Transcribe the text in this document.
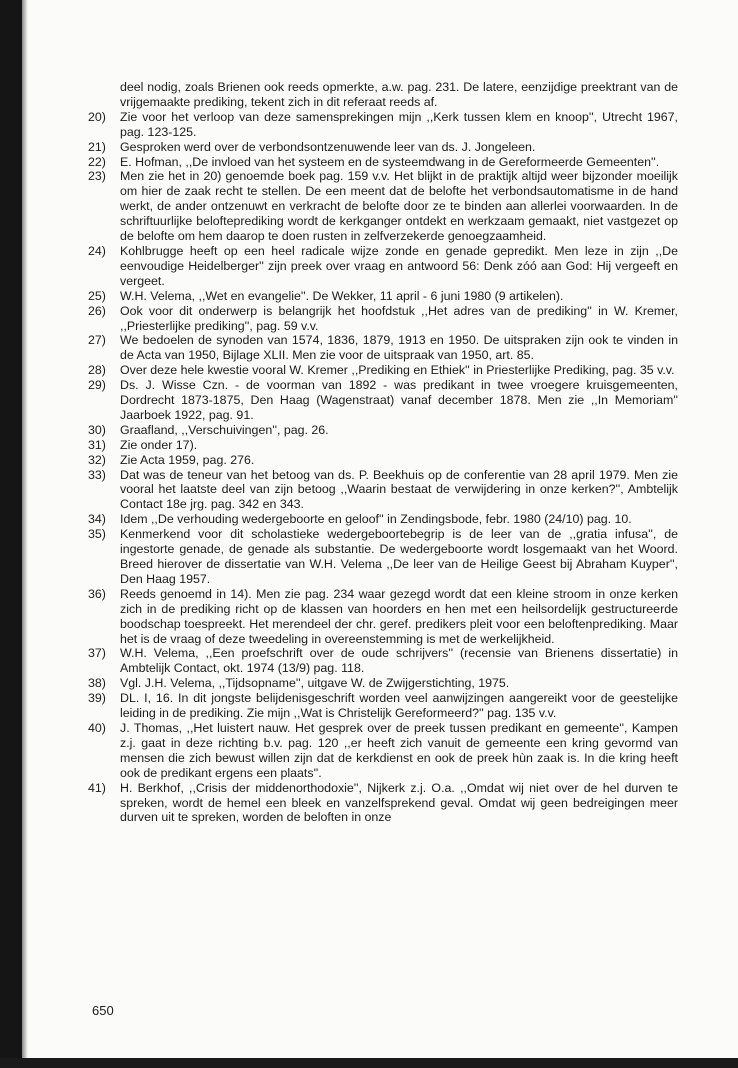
deel nodig, zoals Brienen ook reeds opmerkte, a.w. pag. 231. De latere, eenzijdige preektrant van de vrijgemaakte prediking, tekent zich in dit referaat reeds af.
20) Zie voor het verloop van deze samensprekingen mijn ,,Kerk tussen klem en knoop'', Utrecht 1967, pag. 123-125.
21) Gesproken werd over de verbondsontzenuwende leer van ds. J. Jongeleen.
22) E. Hofman, ,,De invloed van het systeem en de systeemdwang in de Gereformeerde Gemeenten''.
23) Men zie het in 20) genoemde boek pag. 159 v.v. Het blijkt in de praktijk altijd weer bijzonder moeilijk om hier de zaak recht te stellen. De een meent dat de belofte het verbondsautomatisme in de hand werkt, de ander ontzenuwt en verkracht de belofte door ze te binden aan allerlei voorwaarden. In de schriftuurlijke belofteprediking wordt de kerkganger ontdekt en werkzaam gemaakt, niet vastgezet op de belofte om hem daarop te doen rusten in zelfverzekerde genoegzaamheid.
24) Kohlbrugge heeft op een heel radicale wijze zonde en genade gepredikt. Men leze in zijn ,,De eenvoudige Heidelberger'' zijn preek over vraag en antwoord 56: Denk zóó aan God: Hij vergeeft en vergeet.
25) W.H. Velema, ,,Wet en evangelie''. De Wekker, 11 april - 6 juni 1980 (9 artikelen).
26) Ook voor dit onderwerp is belangrijk het hoofdstuk ,,Het adres van de prediking'' in W. Kremer, ,,Priesterlijke prediking'', pag. 59 v.v.
27) We bedoelen de synoden van 1574, 1836, 1879, 1913 en 1950. De uitspraken zijn ook te vinden in de Acta van 1950, Bijlage XLII. Men zie voor de uitspraak van 1950, art. 85.
28) Over deze hele kwestie vooral W. Kremer ,,Prediking en Ethiek'' in Priesterlijke Prediking, pag. 35 v.v.
29) Ds. J. Wisse Czn. - de voorman van 1892 - was predikant in twee vroegere kruisgemeenten, Dordrecht 1873-1875, Den Haag (Wagenstraat) vanaf december 1878. Men zie ,,In Memoriam'' Jaarboek 1922, pag. 91.
30) Graafland, ,,Verschuivingen'', pag. 26.
31) Zie onder 17).
32) Zie Acta 1959, pag. 276.
33) Dat was de teneur van het betoog van ds. P. Beekhuis op de conferentie van 28 april 1979. Men zie vooral het laatste deel van zijn betoog ,,Waarin bestaat de verwijdering in onze kerken?'', Ambtelijk Contact 18e jrg. pag. 342 en 343.
34) Idem ,,De verhouding wedergeboorte en geloof'' in Zendingsbode, febr. 1980 (24/10) pag. 10.
35) Kenmerkend voor dit scholastieke wedergeboortebegrip is de leer van de ,,gratia infusa'', de ingestorte genade, de genade als substantie. De wedergeboorte wordt losgemaakt van het Woord. Breed hierover de dissertatie van W.H. Velema ,,De leer van de Heilige Geest bij Abraham Kuyper'', Den Haag 1957.
36) Reeds genoemd in 14). Men zie pag. 234 waar gezegd wordt dat een kleine stroom in onze kerken zich in de prediking richt op de klassen van hoorders en hen met een heilsordelijk gestructureerde boodschap toespreekt. Het merendeel der chr. geref. predikers pleit voor een beloftenprediking. Maar het is de vraag of deze tweedeling in overeenstemming is met de werkelijkheid.
37) W.H. Velema, ,,Een proefschrift over de oude schrijvers'' (recensie van Brienens dissertatie) in Ambtelijk Contact, okt. 1974 (13/9) pag. 118.
38) Vgl. J.H. Velema, ,,Tijdsopname'', uitgave W. de Zwijgerstichting, 1975.
39) DL. I, 16. In dit jongste belijdenisgeschrift worden veel aanwijzingen aangereikt voor de geestelijke leiding in de prediking. Zie mijn ,,Wat is Christelijk Gereformeerd?'' pag. 135 v.v.
40) J. Thomas, ,,Het luistert nauw. Het gesprek over de preek tussen predikant en gemeente'', Kampen z.j. gaat in deze richting b.v. pag. 120 ,,er heeft zich vanuit de gemeente een kring gevormd van mensen die zich bewust willen zijn dat de kerkdienst en ook de preek hùn zaak is. In die kring heeft ook de predikant ergens een plaats''.
41) H. Berkhof, ,,Crisis der middenorthodoxie'', Nijkerk z.j. O.a. ,,Omdat wij niet over de hel durven te spreken, wordt de hemel een bleek en vanzelfsprekend geval. Omdat wij geen bedreigingen meer durven uit te spreken, worden de beloften in onze
650
